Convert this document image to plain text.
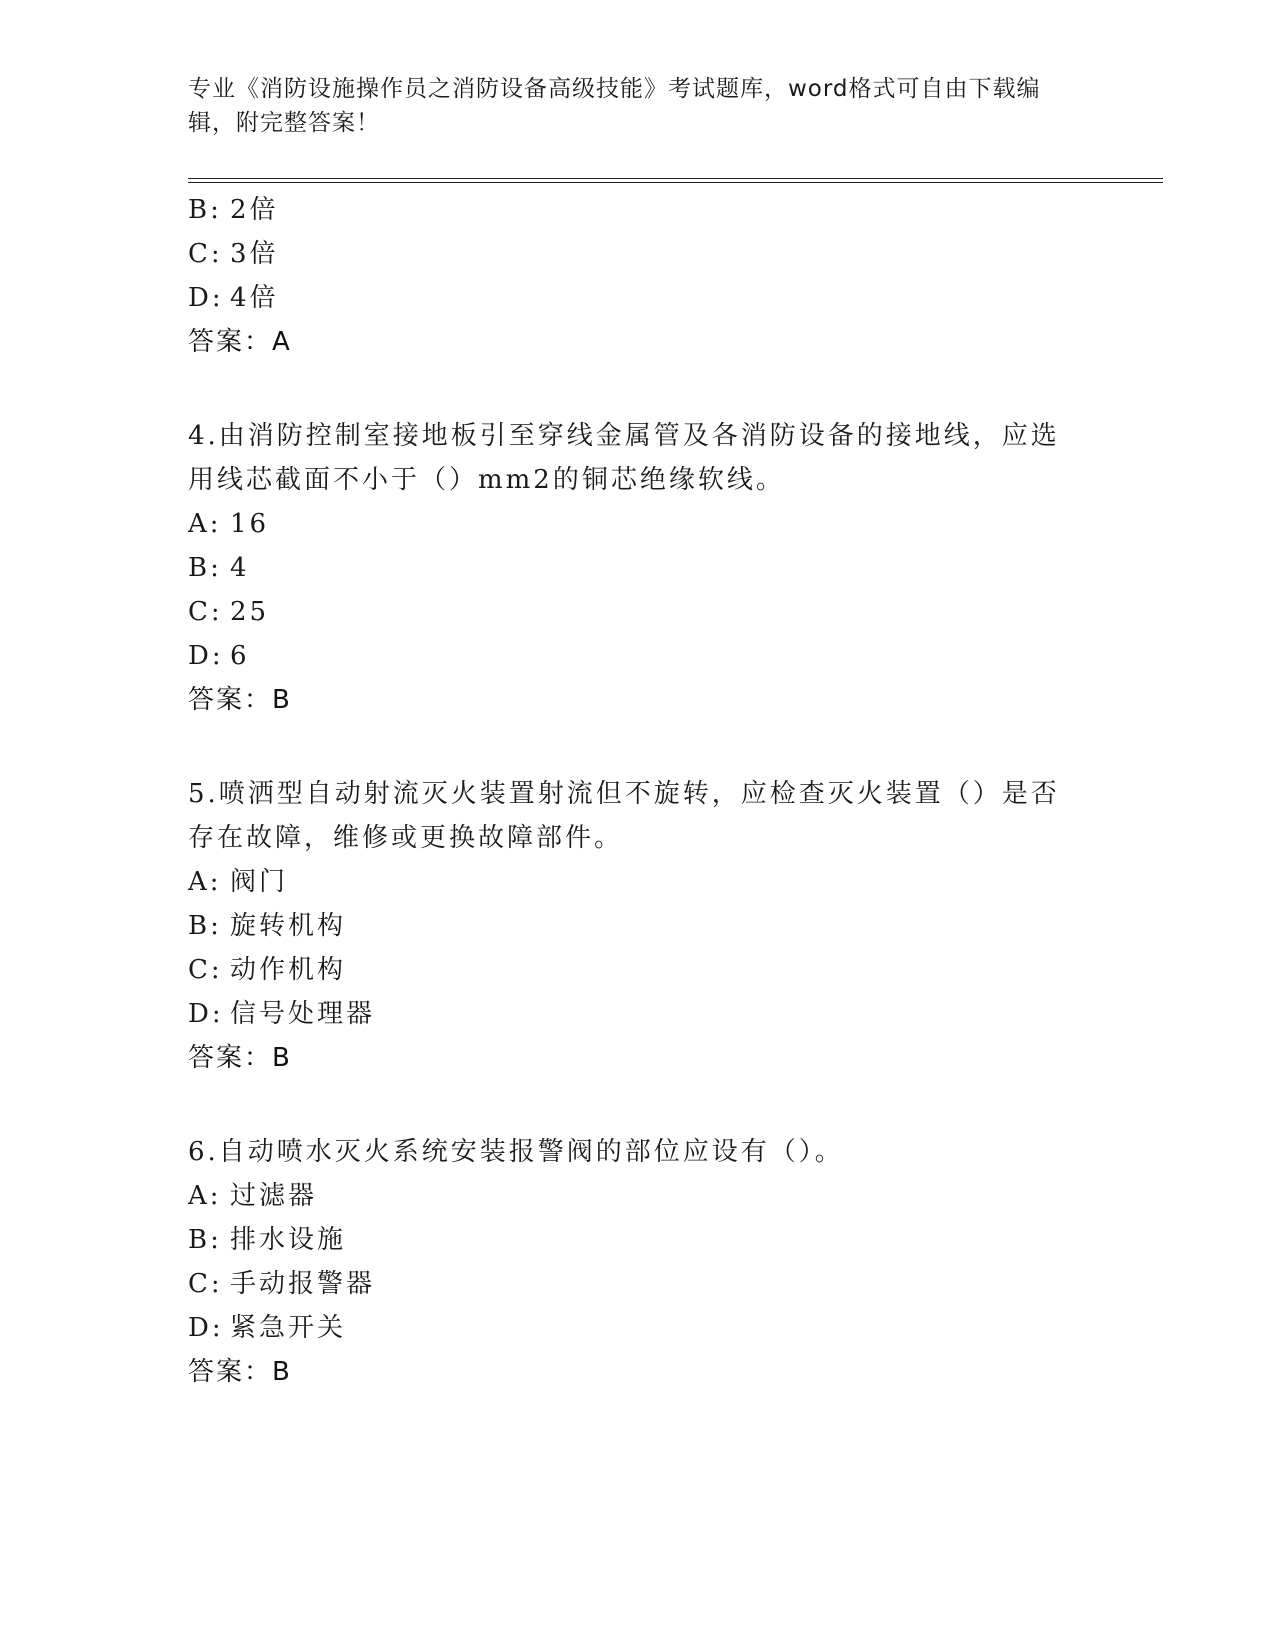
专业《消防设施操作员之消防设备高级技能》考试题库，word格式可自由下载编辑，附完整答案！
B: 2倍
C: 3倍
D: 4倍
答案：A
4.由消防控制室接地板引至穿线金属管及各消防设备的接地线，应选
用线芯截面不小于（）mm2的铜芯绝缘软线。
A: 16
B: 4
C: 25
D: 6
答案：B
5.喷洒型自动射流灭火装置射流但不旋转，应检查灭火装置（）是否
存在故障，维修或更换故障部件。
A: 阀门
B: 旋转机构
C: 动作机构
D: 信号处理器
答案：B
6.自动喷水灭火系统安装报警阀的部位应设有（）。
A: 过滤器
B: 排水设施
C: 手动报警器
D: 紧急开关
答案：B
